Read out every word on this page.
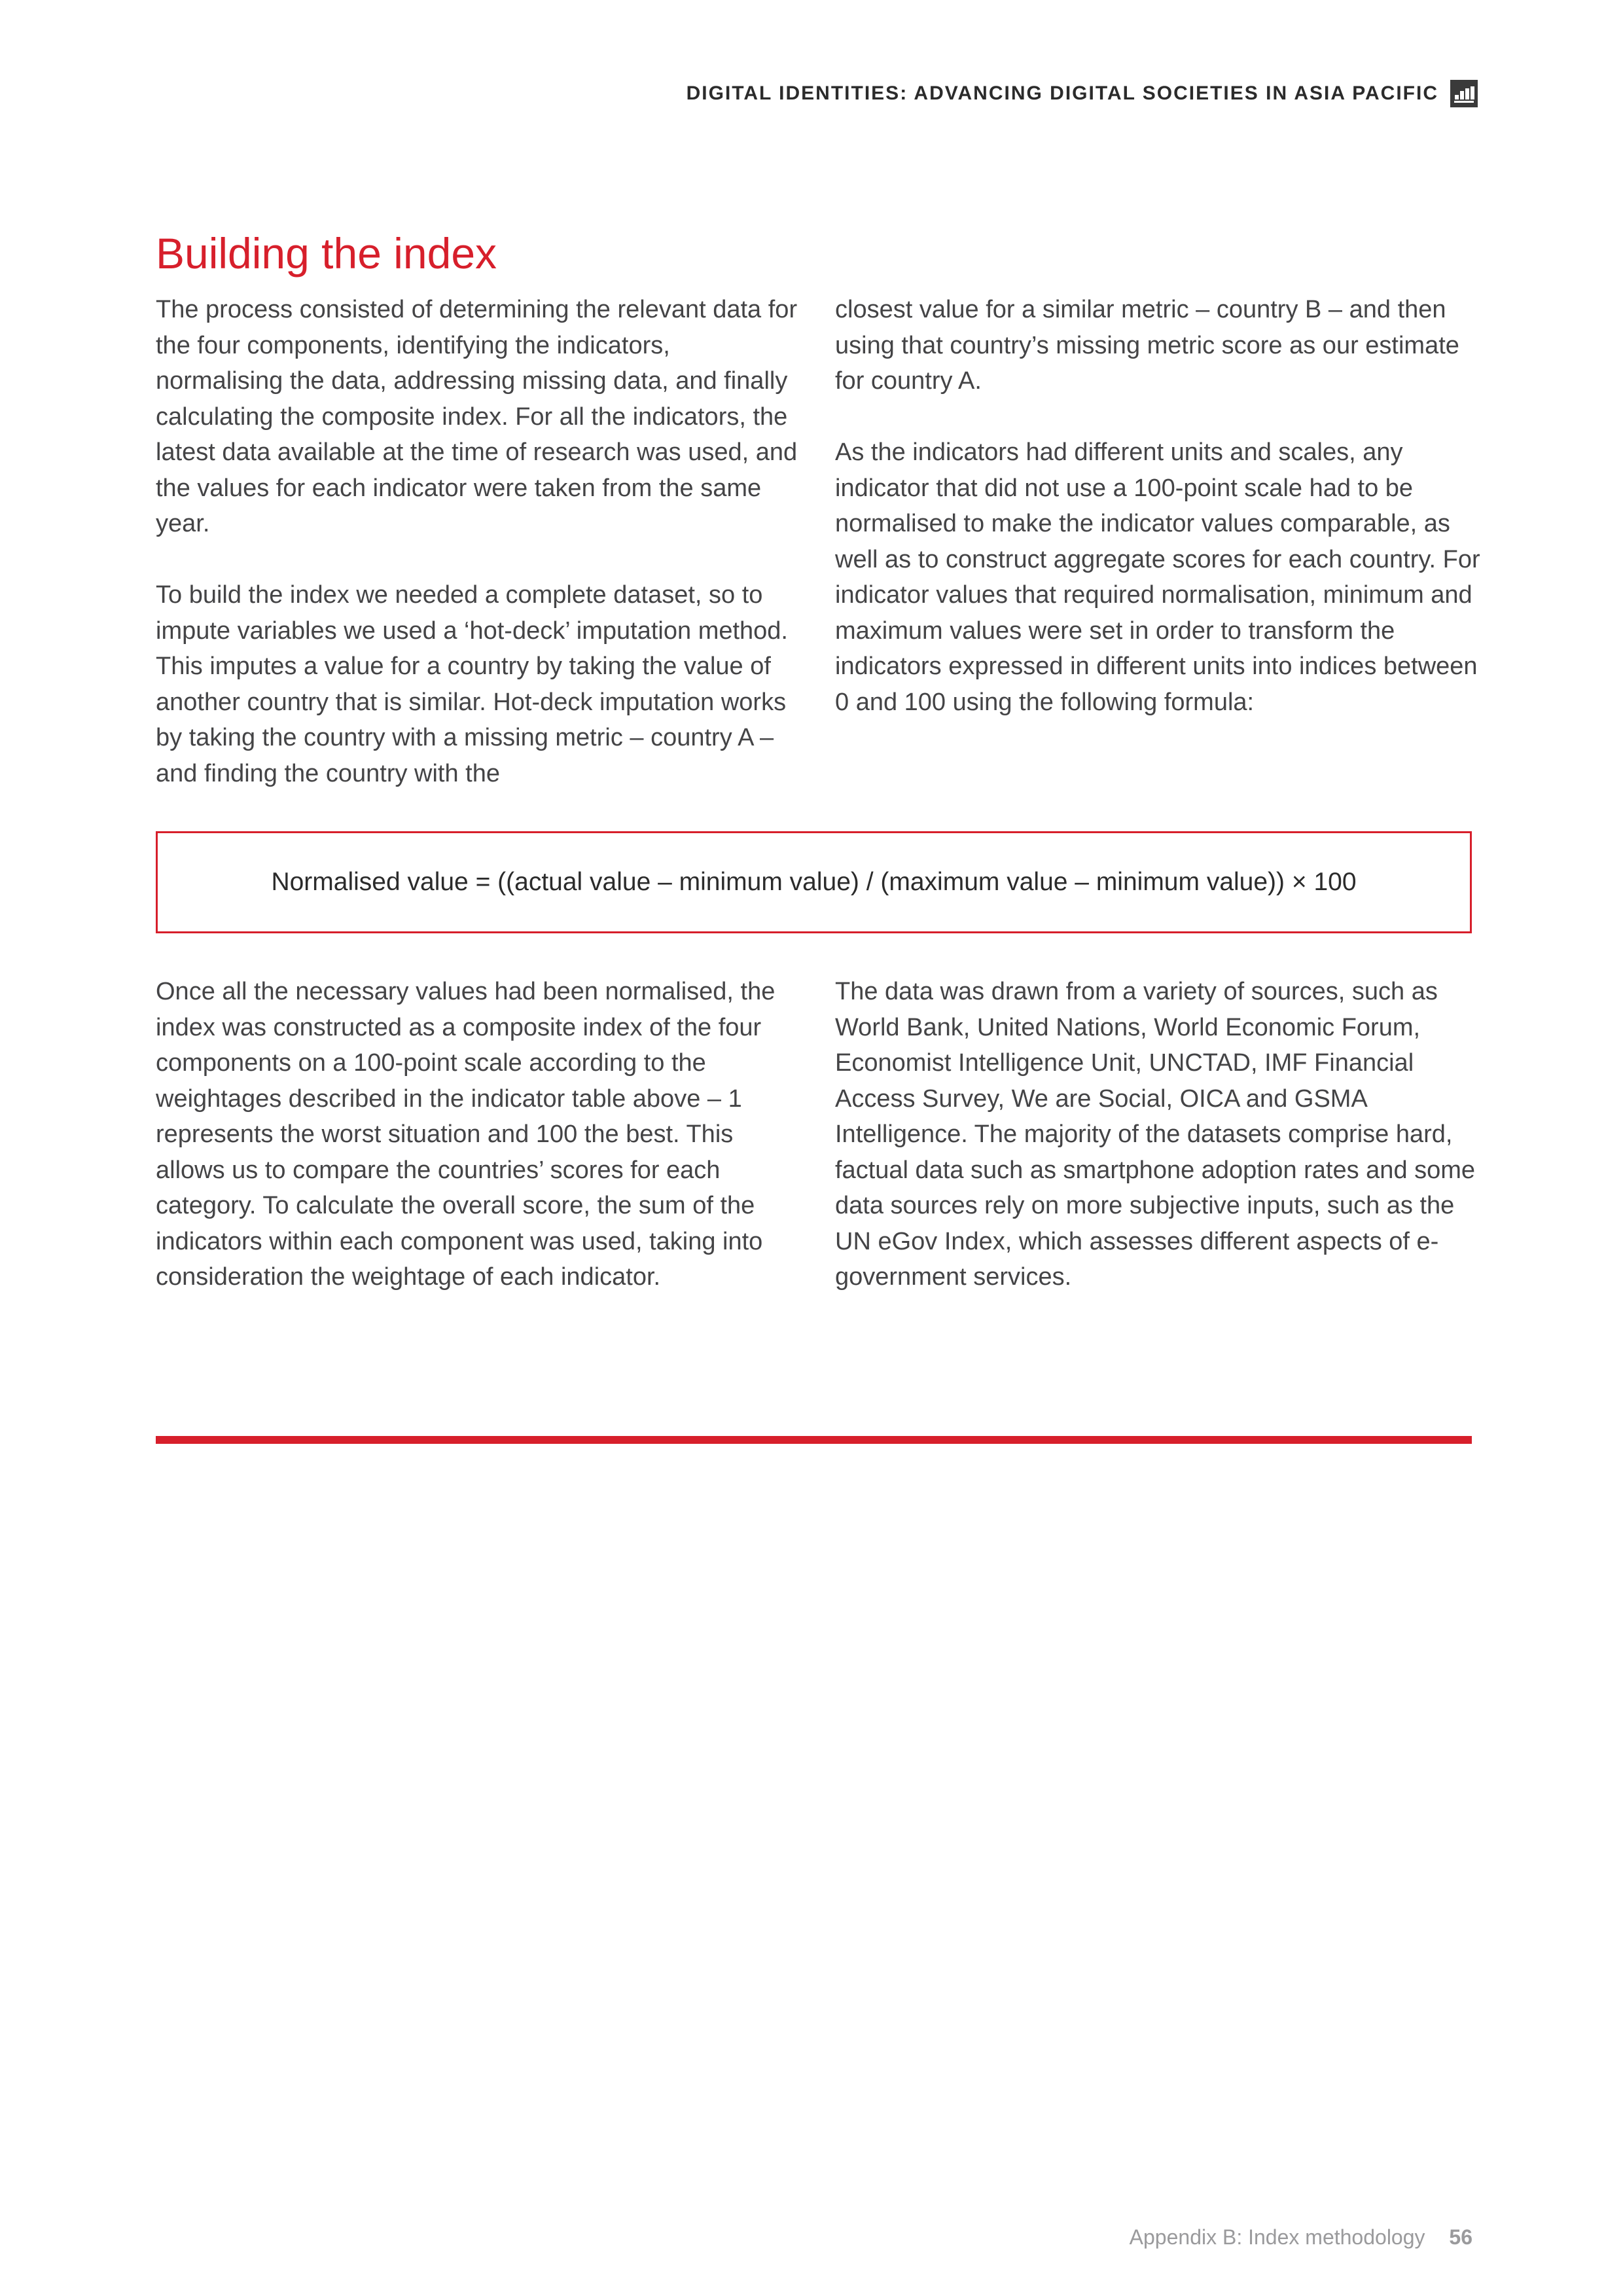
DIGITAL IDENTITIES: ADVANCING DIGITAL SOCIETIES IN ASIA PACIFIC
Building the index

The process consisted of determining the relevant data for the four components, identifying the indicators, normalising the data, addressing missing data, and finally calculating the composite index. For all the indicators, the latest data available at the time of research was used, and the values for each indicator were taken from the same year.

To build the index we needed a complete dataset, so to impute variables we used a ‘hot-deck’ imputation method. This imputes a value for a country by taking the value of another country that is similar. Hot-deck imputation works by taking the country with a missing metric – country A – and finding the country with the

closest value for a similar metric – country B – and then using that country’s missing metric score as our estimate for country A.

As the indicators had different units and scales, any indicator that did not use a 100-point scale had to be normalised to make the indicator values comparable, as well as to construct aggregate scores for each country. For indicator values that required normalisation, minimum and maximum values were set in order to transform the indicators expressed in different units into indices between 0 and 100 using the following formula:

Normalised value = ((actual value – minimum value) / (maximum value – minimum value)) × 100

Once all the necessary values had been normalised, the index was constructed as a composite index of the four components on a 100-point scale according to the weightages described in the indicator table above – 1 represents the worst situation and 100 the best. This allows us to compare the countries’ scores for each category. To calculate the overall score, the sum of the indicators within each component was used, taking into consideration the weightage of each indicator.

The data was drawn from a variety of sources, such as World Bank, United Nations, World Economic Forum, Economist Intelligence Unit, UNCTAD, IMF Financial Access Survey, We are Social, OICA and GSMA Intelligence. The majority of the datasets comprise hard, factual data such as smartphone adoption rates and some data sources rely on more subjective inputs, such as the UN eGov Index, which assesses different aspects of e-government services.

Appendix B: Index methodology 56
